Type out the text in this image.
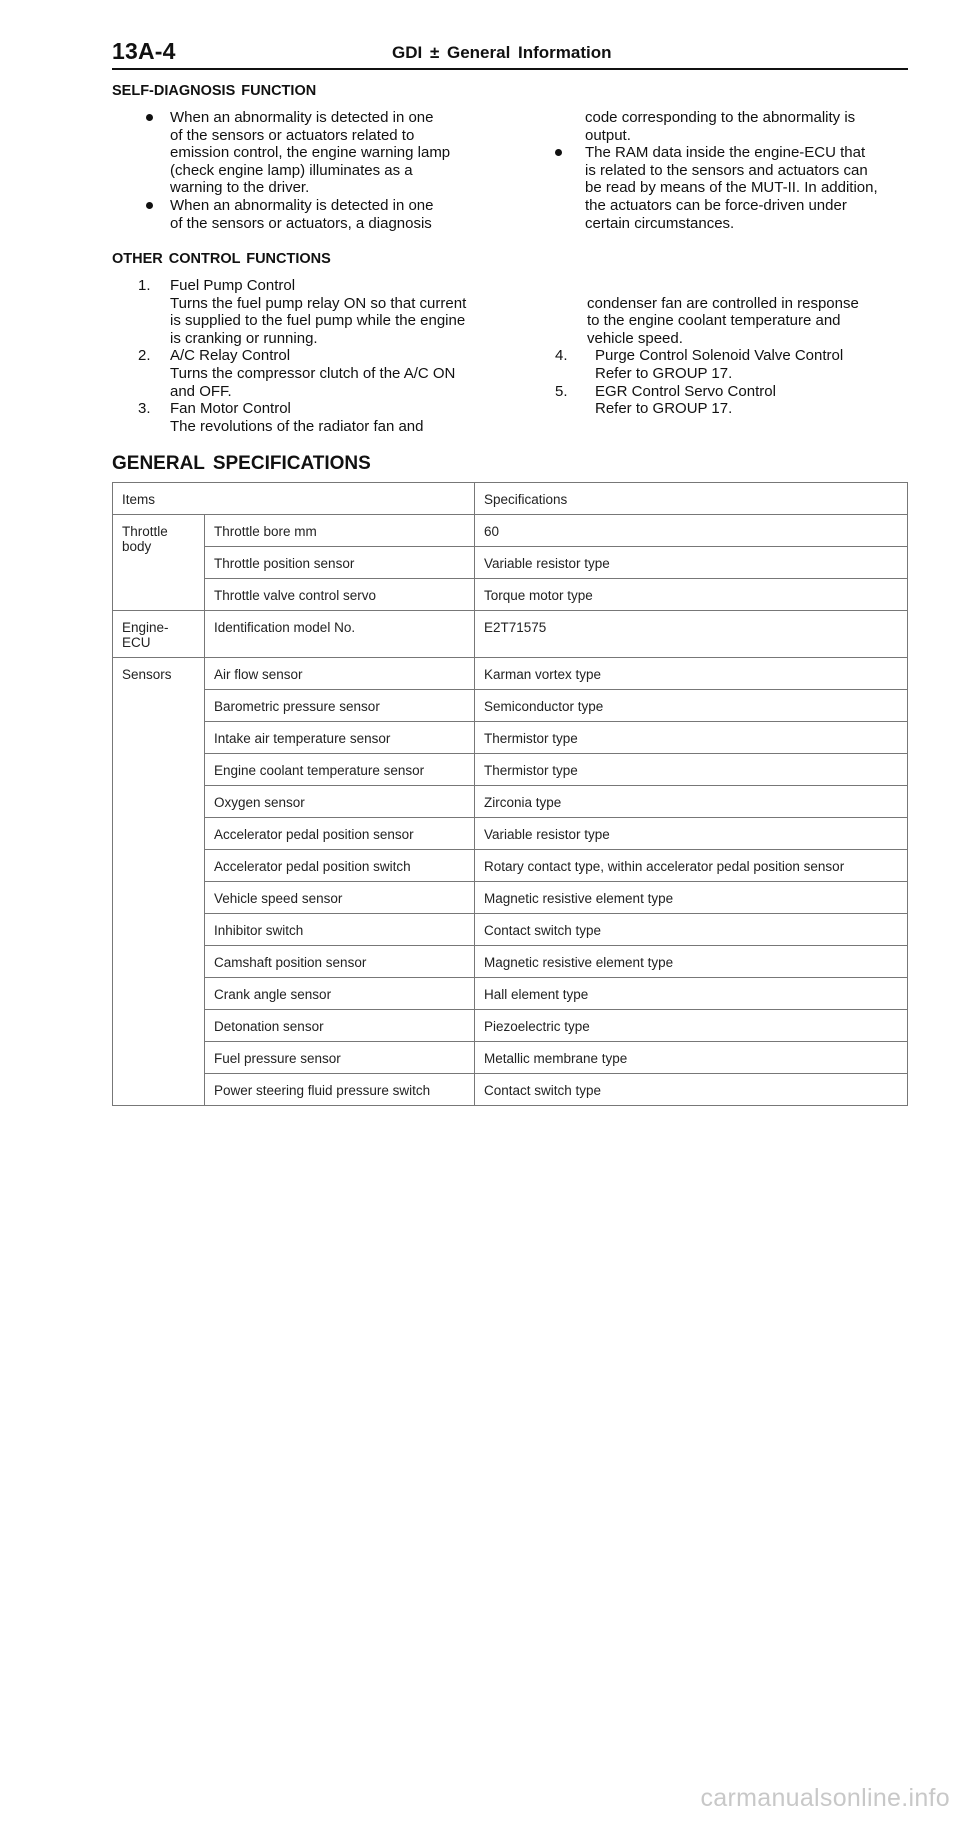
13A-4	GDI ± General Information
SELF-DIAGNOSIS FUNCTION
When an abnormality is detected in one
of the sensors or actuators related to
emission control, the engine warning lamp
(check engine lamp) illuminates as a
warning to the driver.
When an abnormality is detected in one
of the sensors or actuators, a diagnosis
code corresponding to the abnormality is
output.
The RAM data inside the engine-ECU that
is related to the sensors and actuators can
be read by means of the MUT-II. In addition,
the actuators can be force-driven under
certain circumstances.
OTHER CONTROL FUNCTIONS
1. Fuel Pump Control
Turns the fuel pump relay ON so that current
is supplied to the fuel pump while the engine
is cranking or running.
2. A/C Relay Control
Turns the compressor clutch of the A/C ON
and OFF.
3. Fan Motor Control
The revolutions of the radiator fan and
condenser fan are controlled in response
to the engine coolant temperature and
vehicle speed.
4. Purge Control Solenoid Valve Control
Refer to GROUP 17.
5. EGR Control Servo Control
Refer to GROUP 17.
GENERAL SPECIFICATIONS
Items		Specifications
Throttle body	Throttle bore mm	60
	Throttle position sensor	Variable resistor type
	Throttle valve control servo	Torque motor type
Engine-ECU	Identification model No.	E2T71575
Sensors	Air flow sensor	Karman vortex type
	Barometric pressure sensor	Semiconductor type
	Intake air temperature sensor	Thermistor type
	Engine coolant temperature sensor	Thermistor type
	Oxygen sensor	Zirconia type
	Accelerator pedal position sensor	Variable resistor type
	Accelerator pedal position switch	Rotary contact type, within accelerator pedal position sensor
	Vehicle speed sensor	Magnetic resistive element type
	Inhibitor switch	Contact switch type
	Camshaft position sensor	Magnetic resistive element type
	Crank angle sensor	Hall element type
	Detonation sensor	Piezoelectric type
	Fuel pressure sensor	Metallic membrane type
	Power steering fluid pressure switch	Contact switch type
carmanualsonline.info
